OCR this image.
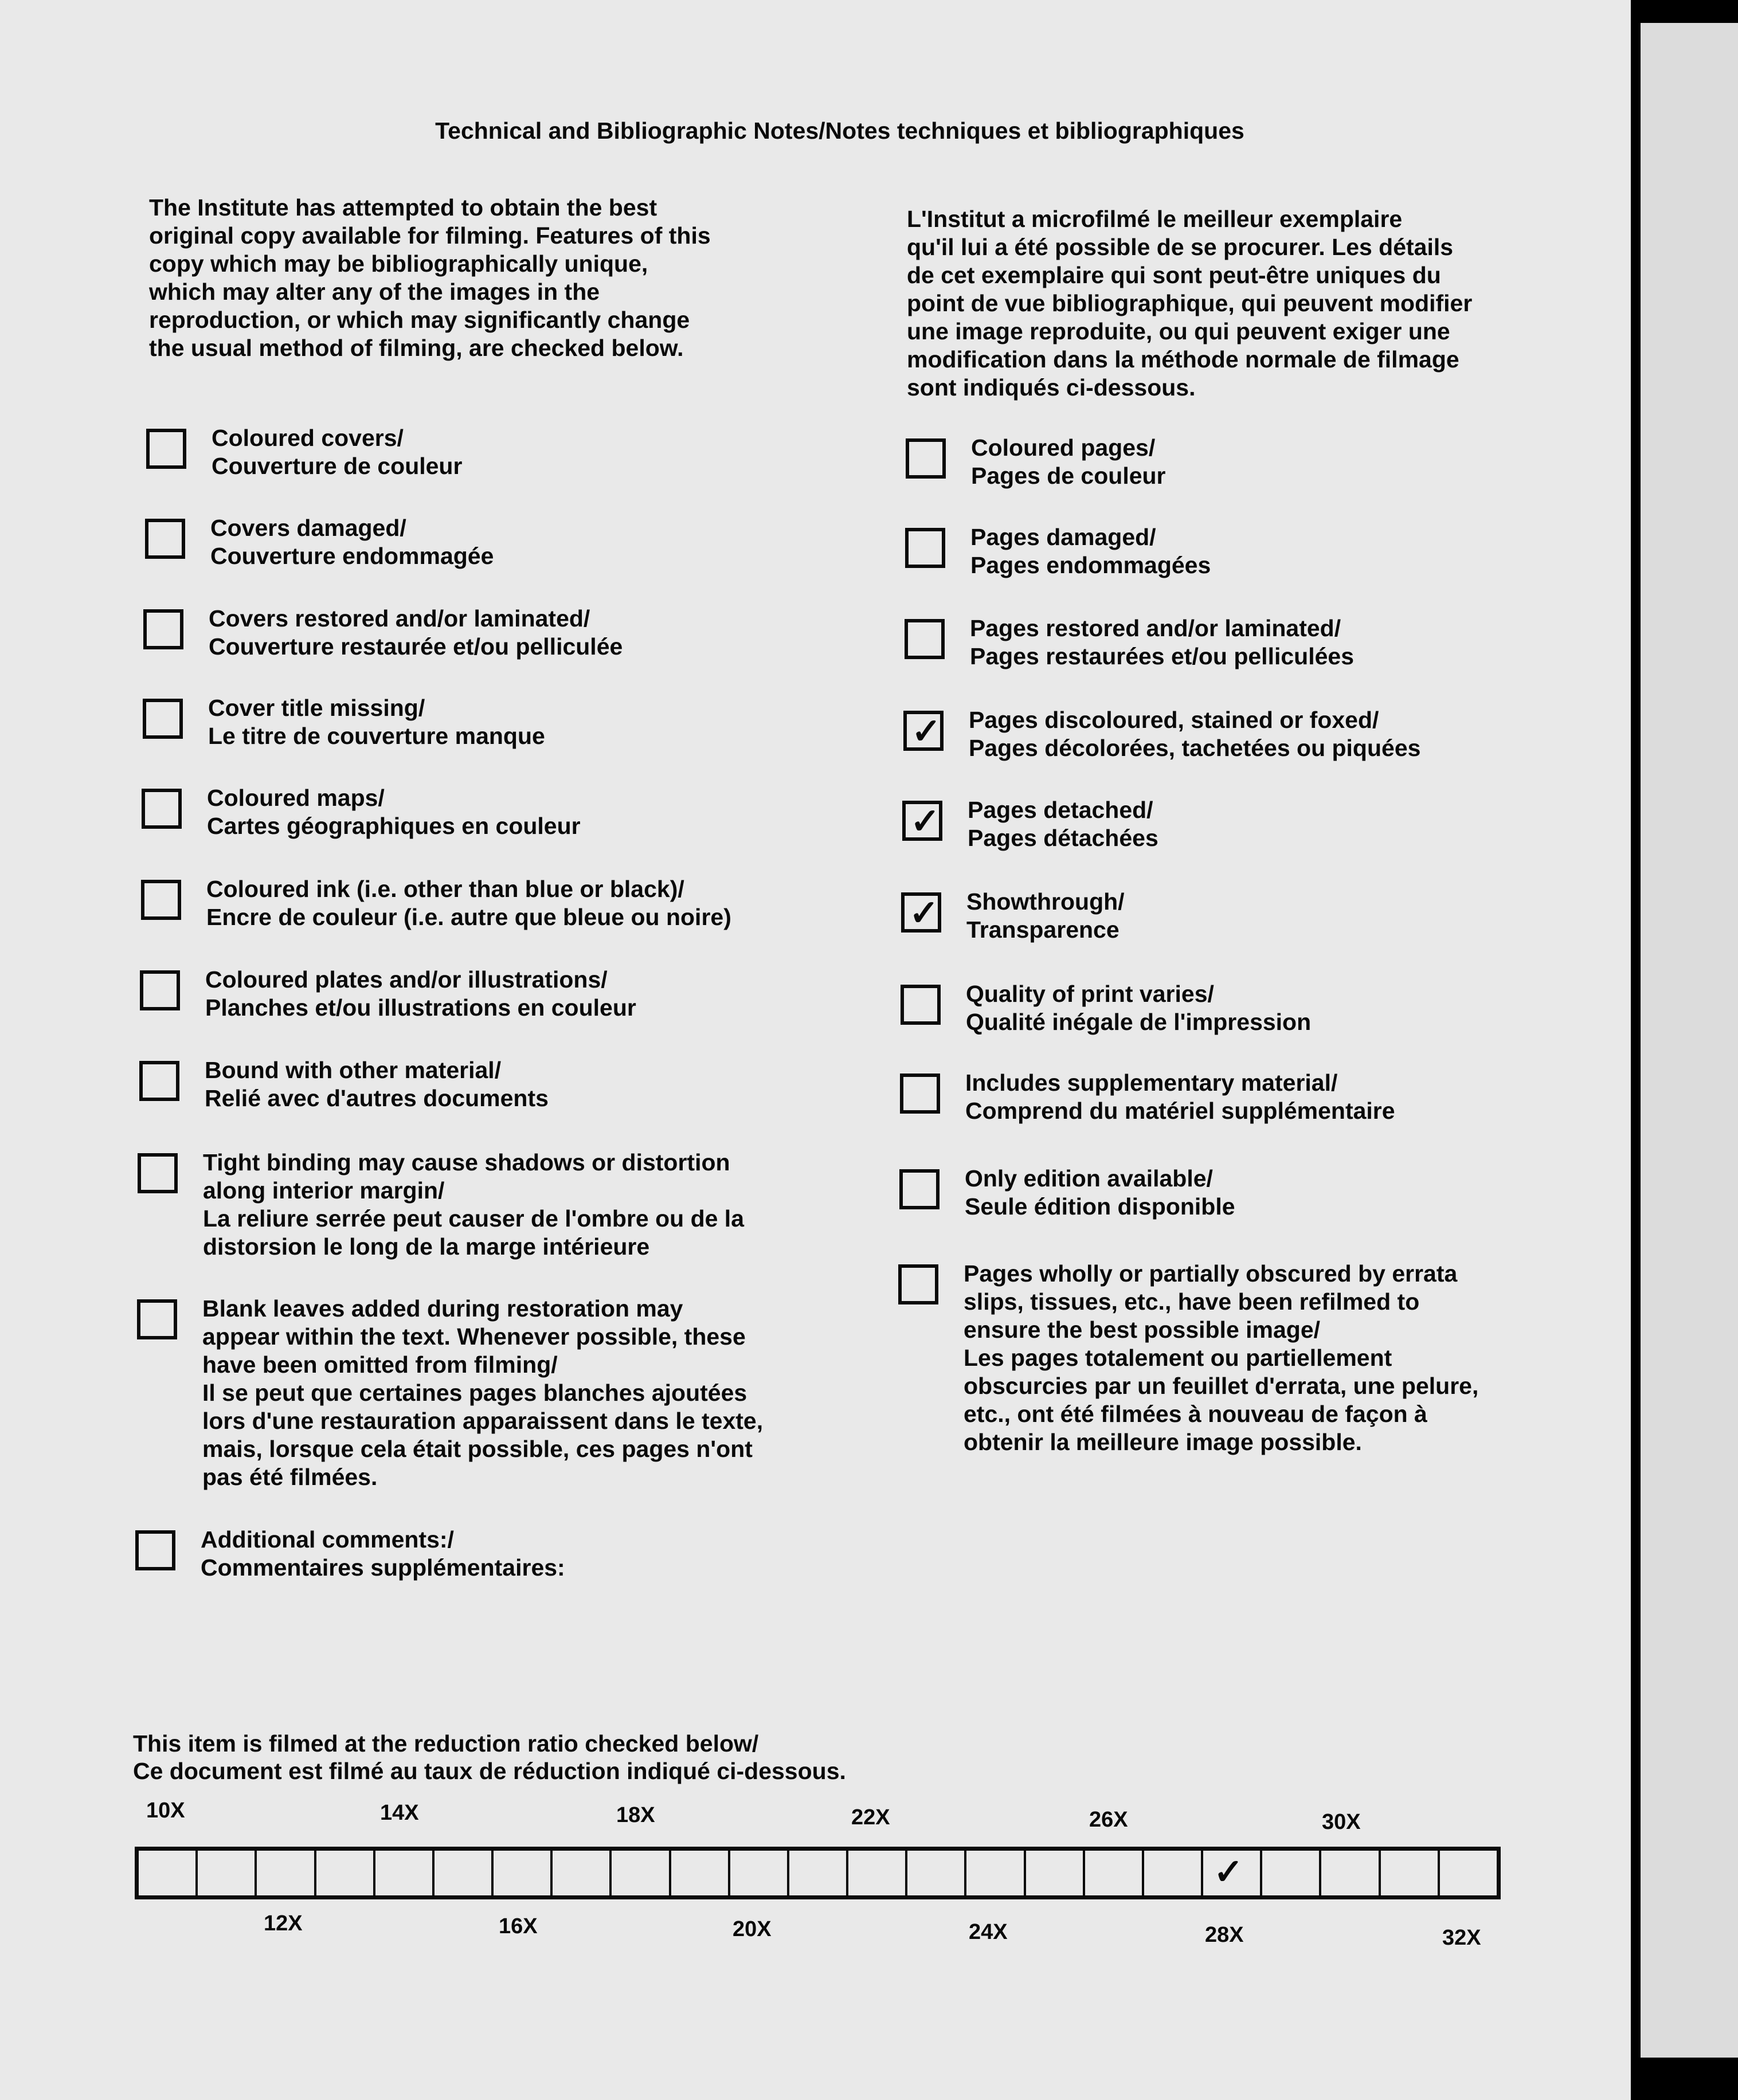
Technical and Bibliographic Notes/Notes techniques et bibliographiques
The Institute has attempted to obtain the best
original copy available for filming. Features of this
copy which may be bibliographically unique,
which may alter any of the images in the
reproduction, or which may significantly change
the usual method of filming, are checked below.
L'Institut a microfilmé le meilleur exemplaire
qu'il lui a été possible de se procurer. Les détails
de cet exemplaire qui sont peut-être uniques du
point de vue bibliographique, qui peuvent modifier
une image reproduite, ou qui peuvent exiger une
modification dans la méthode normale de filmage
sont indiqués ci-dessous.
Coloured covers/
Couverture de couleur
Covers damaged/
Couverture endommagée
Covers restored and/or laminated/
Couverture restaurée et/ou pelliculée
Cover title missing/
Le titre de couverture manque
Coloured maps/
Cartes géographiques en couleur
Coloured ink (i.e. other than blue or black)/
Encre de couleur (i.e. autre que bleue ou noire)
Coloured plates and/or illustrations/
Planches et/ou illustrations en couleur
Bound with other material/
Relié avec d'autres documents
Tight binding may cause shadows or distortion
along interior margin/
La reliure serrée peut causer de l'ombre ou de la
distorsion le long de la marge intérieure
Blank leaves added during restoration may
appear within the text. Whenever possible, these
have been omitted from filming/
Il se peut que certaines pages blanches ajoutées
lors d'une restauration apparaissent dans le texte,
mais, lorsque cela était possible, ces pages n'ont
pas été filmées.
Additional comments:/
Commentaires supplémentaires:
Coloured pages/
Pages de couleur
Pages damaged/
Pages endommagées
Pages restored and/or laminated/
Pages restaurées et/ou pelliculées
✓ Pages discoloured, stained or foxed/
Pages décolorées, tachetées ou piquées
✓ Pages detached/
Pages détachées
✓ Showthrough/
Transparence
Quality of print varies/
Qualité inégale de l'impression
Includes supplementary material/
Comprend du matériel supplémentaire
Only edition available/
Seule édition disponible
Pages wholly or partially obscured by errata
slips, tissues, etc., have been refilmed to
ensure the best possible image/
Les pages totalement ou partiellement
obscurcies par un feuillet d'errata, une pelure,
etc., ont été filmées à nouveau de façon à
obtenir la meilleure image possible.
This item is filmed at the reduction ratio checked below/
Ce document est filmé au taux de réduction indiqué ci-dessous.
10X	14X	18X	22X	26X	30X
✓
12X	16X	20X	24X	28X	32X
